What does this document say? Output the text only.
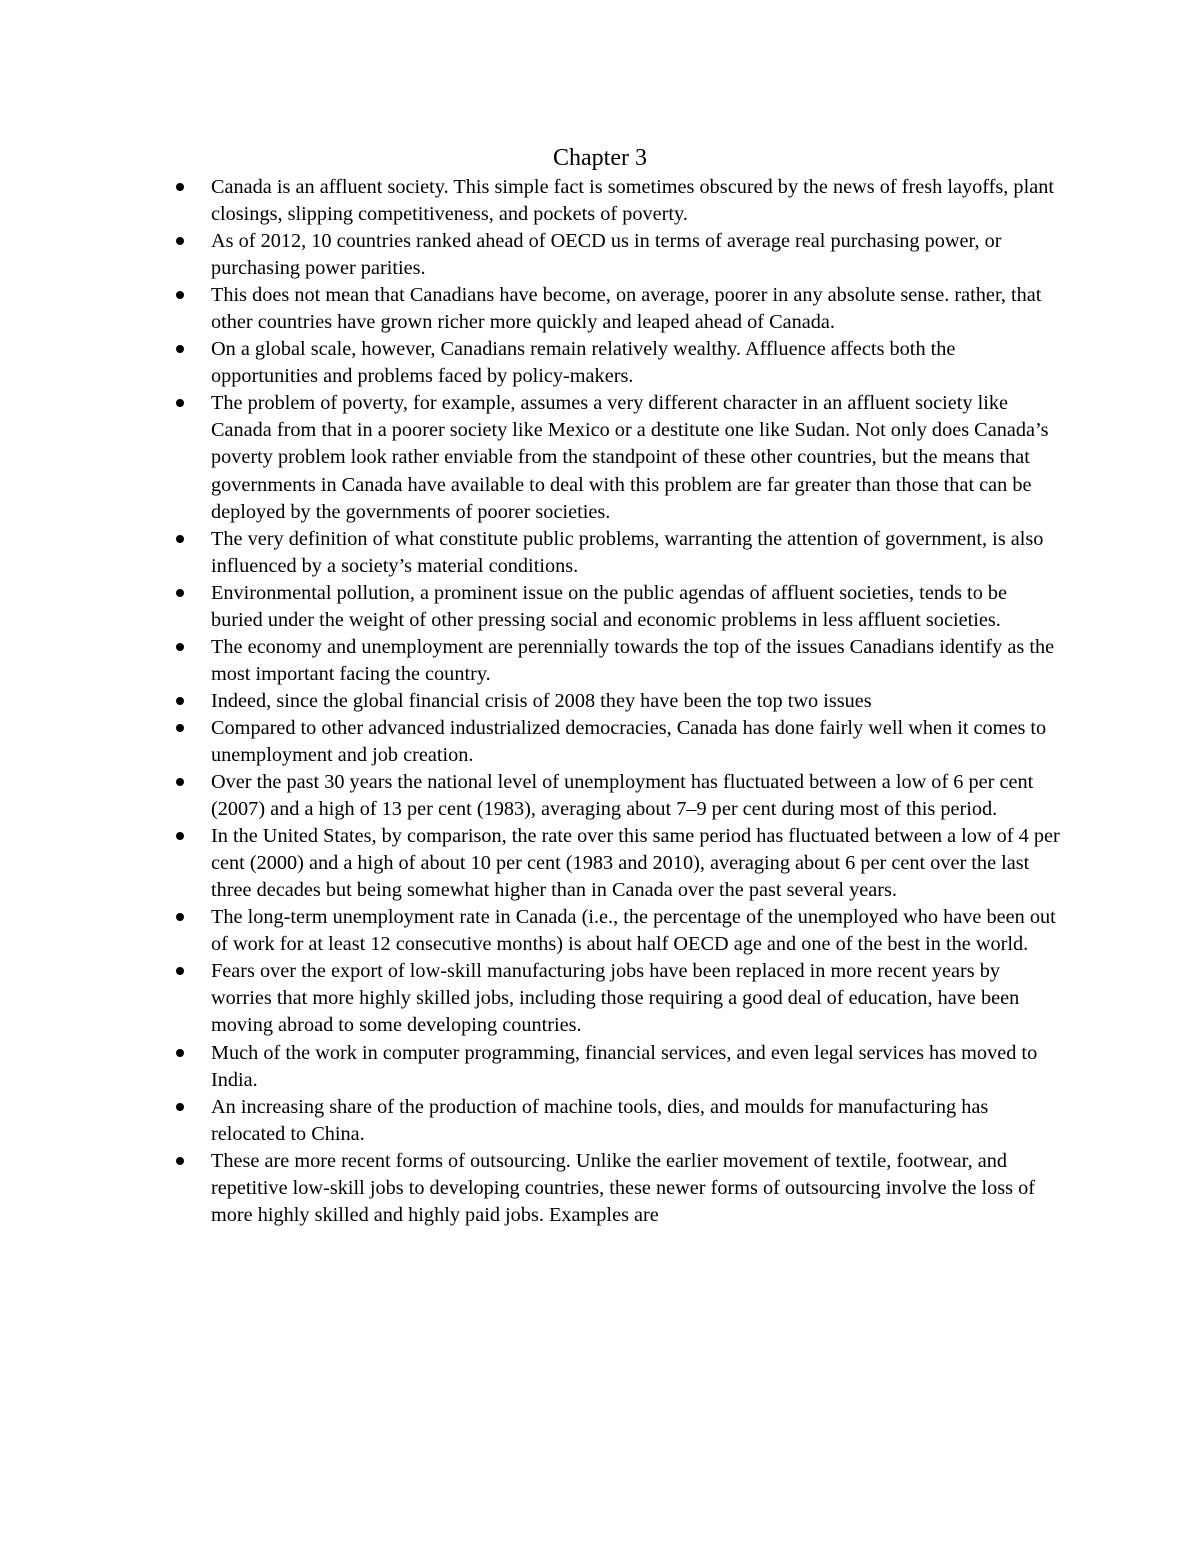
Chapter 3
Canada is an affluent society. This simple fact is sometimes obscured by the news of fresh layoffs, plant closings, slipping competitiveness, and pockets of poverty.
As of 2012, 10 countries ranked ahead of OECD us in terms of average real purchasing power, or purchasing power parities.
This does not mean that Canadians have become, on average, poorer in any absolute sense. rather, that other countries have grown richer more quickly and leaped ahead of Canada.
On a global scale, however, Canadians remain relatively wealthy. Affluence affects both the opportunities and problems faced by policy-makers.
The problem of poverty, for example, assumes a very different character in an affluent society like Canada from that in a poorer society like Mexico or a destitute one like Sudan. Not only does Canada’s poverty problem look rather enviable from the standpoint of these other countries, but the means that governments in Canada have available to deal with this problem are far greater than those that can be deployed by the governments of poorer societies.
The very definition of what constitute public problems, warranting the attention of government, is also influenced by a society’s material conditions.
Environmental pollution, a prominent issue on the public agendas of affluent societies, tends to be buried under the weight of other pressing social and economic problems in less affluent societies.
The economy and unemployment are perennially towards the top of the issues Canadians identify as the most important facing the country.
Indeed, since the global financial crisis of 2008 they have been the top two issues
Compared to other advanced industrialized democracies, Canada has done fairly well when it comes to unemployment and job creation.
Over the past 30 years the national level of unemployment has fluctuated between a low of 6 per cent (2007) and a high of 13 per cent (1983), averaging about 7–9 per cent during most of this period.
In the United States, by comparison, the rate over this same period has fluctuated between a low of 4 per cent (2000) and a high of about 10 per cent (1983 and 2010), averaging about 6 per cent over the last three decades but being somewhat higher than in Canada over the past several years.
The long-term unemployment rate in Canada (i.e., the percentage of the unemployed who have been out of work for at least 12 consecutive months) is about half OECD age and one of the best in the world.
Fears over the export of low-skill manufacturing jobs have been replaced in more recent years by worries that more highly skilled jobs, including those requiring a good deal of education, have been moving abroad to some developing countries.
Much of the work in computer programming, financial services, and even legal services has moved to India.
An increasing share of the production of machine tools, dies, and moulds for manufacturing has relocated to China.
These are more recent forms of outsourcing. Unlike the earlier movement of textile, footwear, and repetitive low-skill jobs to developing countries, these newer forms of outsourcing involve the loss of more highly skilled and highly paid jobs. Examples are
